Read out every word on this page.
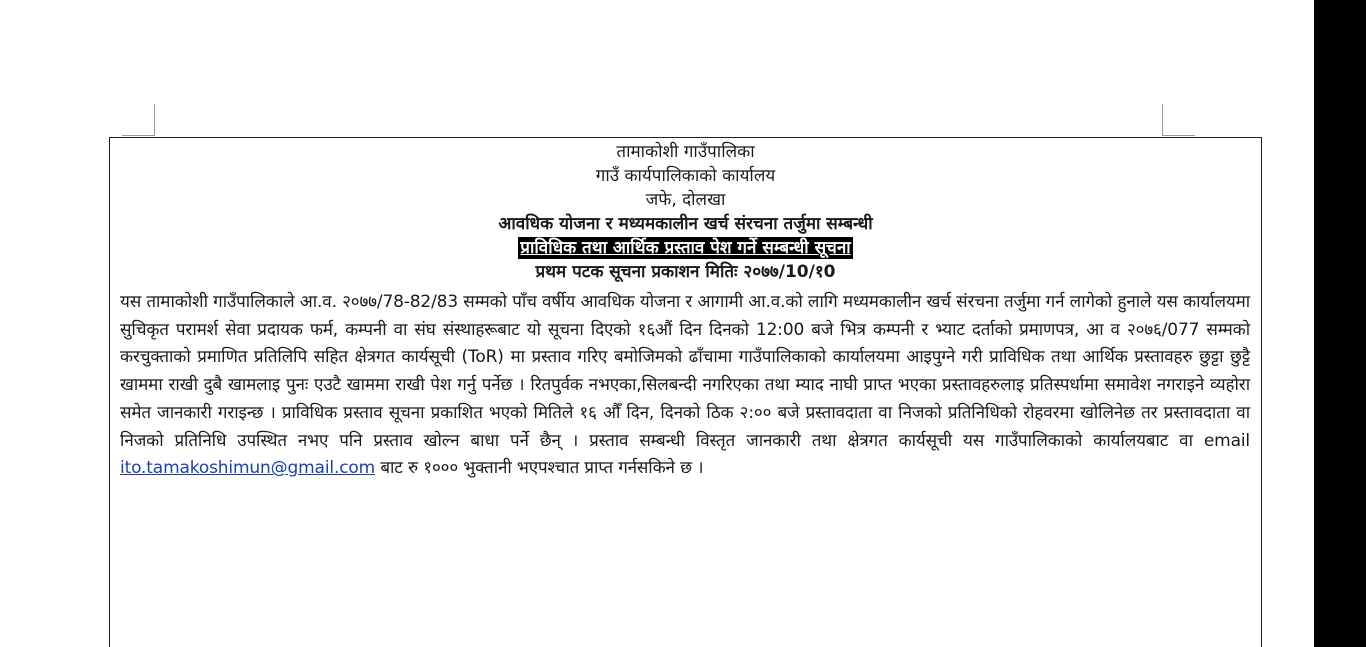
तामाकोशी गाउँपालिका
गाउँ कार्यपालिकाको कार्यालय
जफे, दोलखा
आवधिक योजना र मध्यमकालीन खर्च संरचना तर्जुमा सम्बन्धी
प्राविधिक तथा आर्थिक प्रस्ताव पेश गर्ने सम्बन्धी सूचना
प्रथम पटक सूचना प्रकाशन मितिः २०७७/10/१0
यस तामाकोशी गाउँपालिकाले आ.व. २०७७/78-82/83 सम्मको पाँच वर्षीय आवधिक योजना र आगामी आ.व.को लागि मध्यमकालीन खर्च संरचना तर्जुमा गर्न लागेको हुनाले यस कार्यालयमा सुचिकृत परामर्श सेवा प्रदायक फर्म, कम्पनी वा संघ संस्थाहरूबाट यो सूचना दिएको १६औं दिन दिनको 12:00 बजे भित्र कम्पनी र भ्याट दर्ताको प्रमाणपत्र, आ व २०७६/077 सम्मको करचुक्ताको प्रमाणित प्रतिलिपि सहित क्षेत्रगत कार्यसूची (ToR) मा प्रस्ताव गरिए बमोजिमको ढाँचामा गाउँपालिकाको कार्यालयमा आइपुग्ने गरी प्राविधिक तथा आर्थिक प्रस्तावहरु छुट्टा छुट्टै खाममा राखी दुबै खामलाइ पुनः एउटै खाममा राखी पेश गर्नु पर्नेछ । रितपुर्वक नभएका,सिलबन्दी नगरिएका तथा म्याद नाघी प्राप्त भएका प्रस्तावहरुलाइ प्रतिस्पर्धामा समावेश नगराइने व्यहोरा समेत जानकारी गराइन्छ । प्राविधिक प्रस्ताव सूचना प्रकाशित भएको मितिले १६ औँ दिन, दिनको ठिक २:०० बजे प्रस्तावदाता वा निजको प्रतिनिधिको रोहवरमा खोलिनेछ तर प्रस्तावदाता वा निजको प्रतिनिधि उपस्थित नभए पनि प्रस्ताव खोल्न बाधा पर्ने छैन् । प्रस्ताव सम्बन्धी विस्तृत जानकारी तथा क्षेत्रगत कार्यसूची यस गाउँपालिकाको कार्यालयबाट वा email ito.tamakoshimun@gmail.com बाट रु १००० भुक्तानी भएपश्चात प्राप्त गर्नसकिने छ ।
